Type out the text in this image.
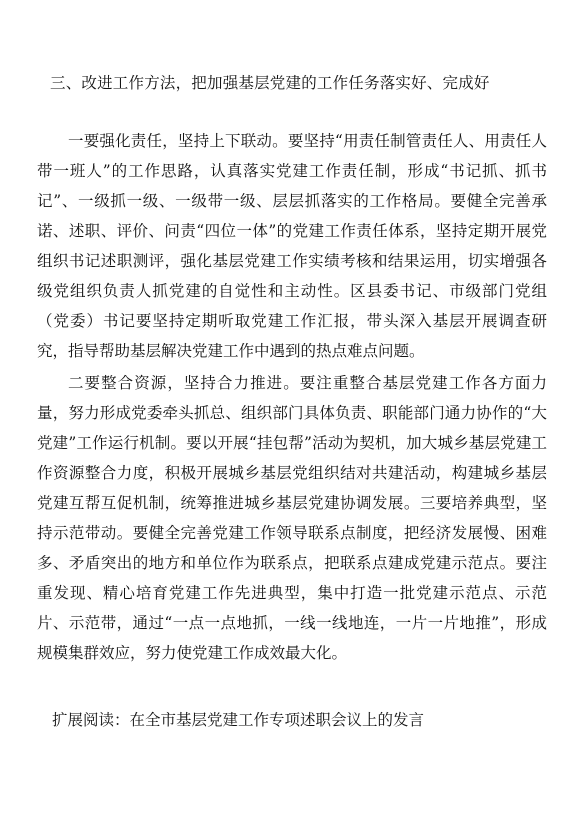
三、改进工作方法，把加强基层党建的工作任务落实好、完成好

一要强化责任，坚持上下联动。要坚持“用责任制管责任人、用责任人带一班人”的工作思路，认真落实党建工作责任制，形成“书记抓、抓书记”、一级抓一级、一级带一级、层层抓落实的工作格局。要健全完善承诺、述职、评价、问责“四位一体”的党建工作责任体系，坚持定期开展党组织书记述职测评，强化基层党建工作实绩考核和结果运用，切实增强各级党组织负责人抓党建的自觉性和主动性。区县委书记、市级部门党组（党委）书记要坚持定期听取党建工作汇报，带头深入基层开展调查研究，指导帮助基层解决党建工作中遇到的热点难点问题。

二要整合资源，坚持合力推进。要注重整合基层党建工作各方面力量，努力形成党委牵头抓总、组织部门具体负责、职能部门通力协作的“大党建”工作运行机制。要以开展“挂包帮”活动为契机，加大城乡基层党建工作资源整合力度，积极开展城乡基层党组织结对共建活动，构建城乡基层党建互帮互促机制，统筹推进城乡基层党建协调发展。三要培养典型，坚持示范带动。要健全完善党建工作领导联系点制度，把经济发展慢、困难多、矛盾突出的地方和单位作为联系点，把联系点建成党建示范点。要注重发现、精心培育党建工作先进典型，集中打造一批党建示范点、示范片、示范带，通过“一点一点地抓，一线一线地连，一片一片地推”，形成规模集群效应，努力使党建工作成效最大化。

扩展阅读：在全市基层党建工作专项述职会议上的发言
